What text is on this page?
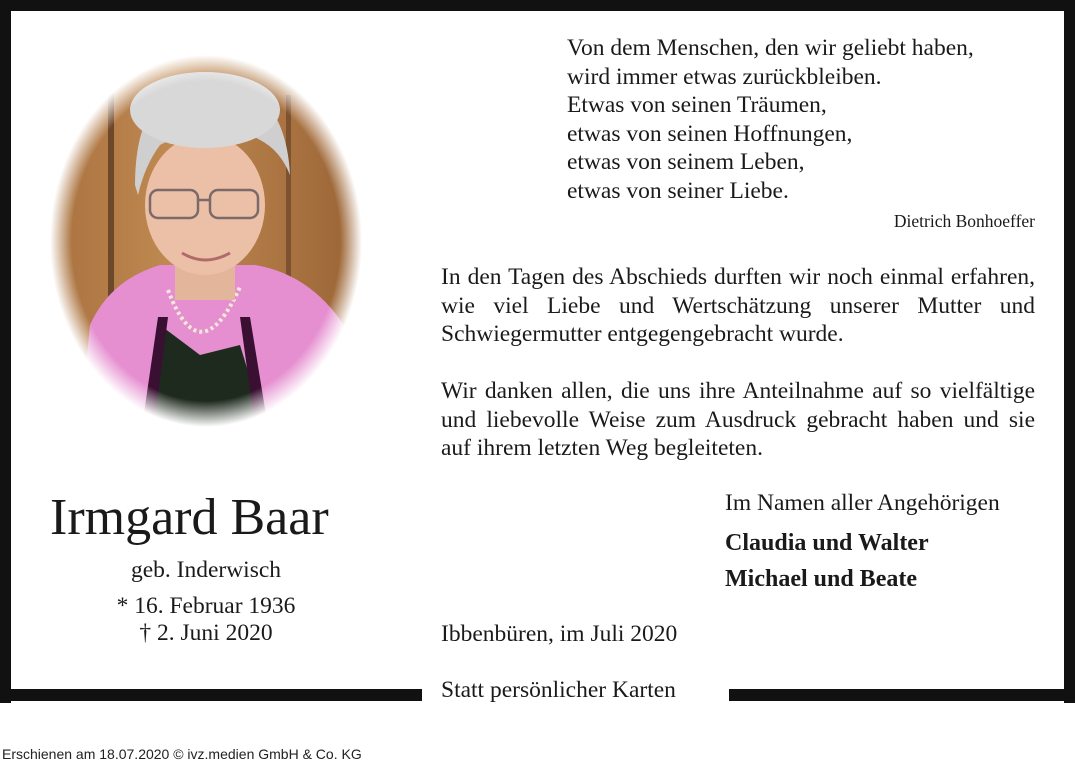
Von dem Menschen, den wir geliebt haben,
wird immer etwas zurückbleiben.
Etwas von seinen Träumen,
etwas von seinen Hoffnungen,
etwas von seinem Leben,
etwas von seiner Liebe.
Dietrich Bonhoeffer
In den Tagen des Abschieds durften wir noch einmal erfahren, wie viel Liebe und Wertschätzung unserer Mutter und Schwiegermutter entgegengebracht wurde.
Wir danken allen, die uns ihre Anteilnahme auf so vielfältige und liebevolle Weise zum Ausdruck gebracht haben und sie auf ihrem letzten Weg begleiteten.
Im Namen aller Angehörigen
Claudia und Walter
Michael und Beate
Irmgard Baar
geb. Inderwisch
* 16. Februar 1936
† 2. Juni 2020	Ibbenbüren, im Juli 2020
Statt persönlicher Karten
Erschienen am 18.07.2020 © ivz.medien GmbH & Co. KG
